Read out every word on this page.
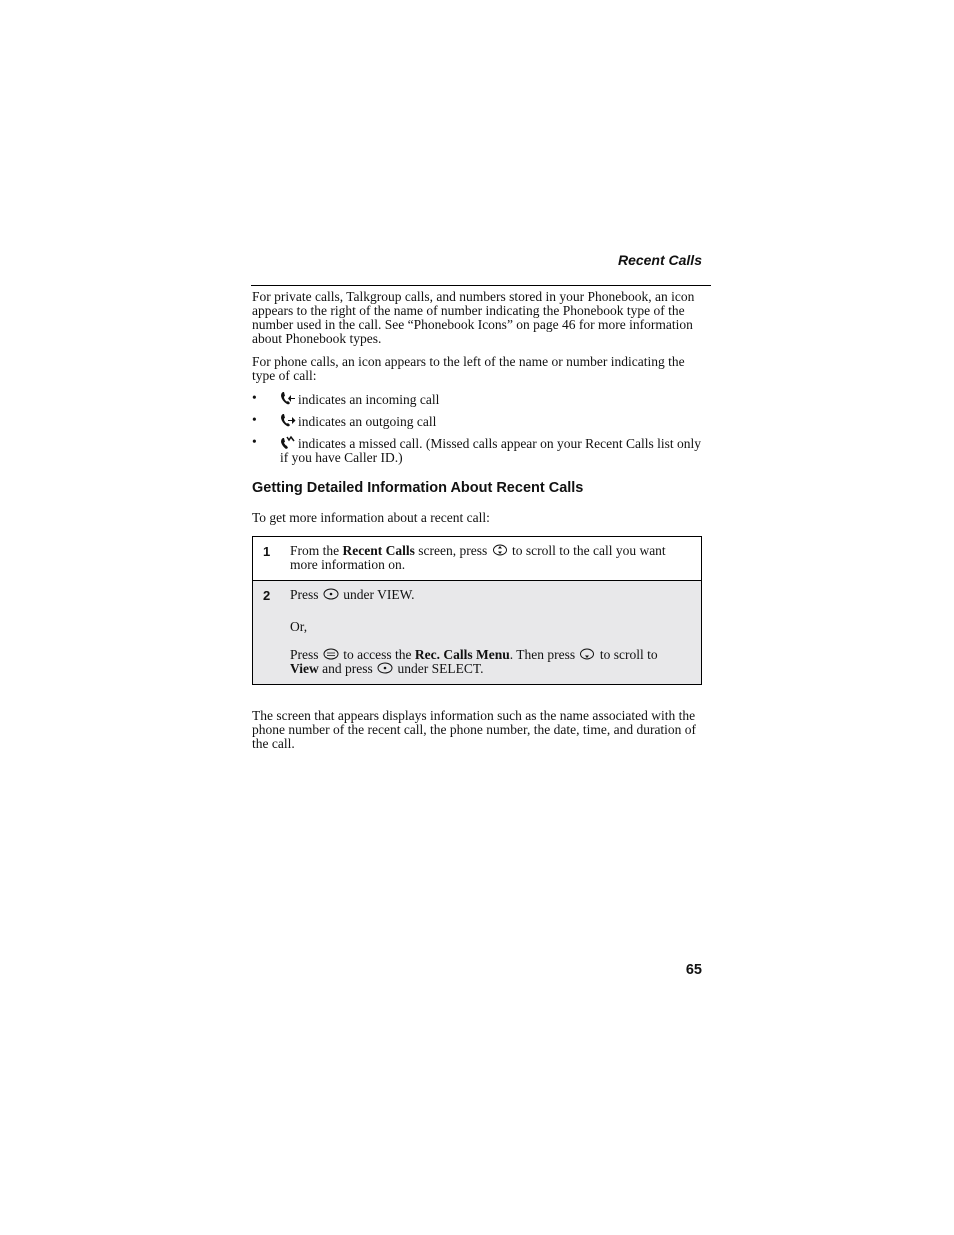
Recent Calls

For private calls, Talkgroup calls, and numbers stored in your Phonebook, an icon appears to the right of the name of number indicating the Phonebook type of the number used in the call. See “Phonebook Icons” on page 46 for more information about Phonebook types.

For phone calls, an icon appears to the left of the name or number indicating the type of call:

•	indicates an incoming call
•	indicates an outgoing call
•	indicates a missed call. (Missed calls appear on your Recent Calls list only if you have Caller ID.)
Getting Detailed Information About Recent Calls

To get more information about a recent call:

1	From the Recent Calls screen, press  to scroll to the call you want more information on.
2	Press  under VIEW.

Or,

Press  to access the Rec. Calls Menu. Then press  to scroll to View and press  under SELECT.

The screen that appears displays information such as the name associated with the phone number of the recent call, the phone number, the date, time, and duration of the call.

65
